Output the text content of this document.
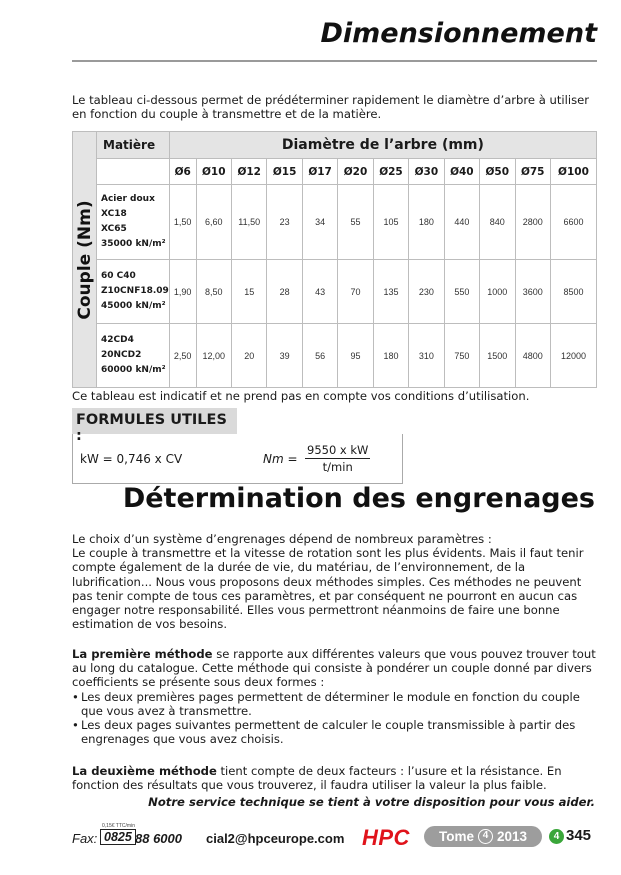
Dimensionnement
Le tableau ci-dessous permet de prédéterminer rapidement le diamètre d’arbre à utiliser en fonction du couple à transmettre et de la matière.
Couple (Nm)	Matière	Diamètre de l’arbre (mm)											
		Ø6	Ø10	Ø12	Ø15	Ø17	Ø20	Ø25	Ø30	Ø40	Ø50	Ø75	Ø100

	Acier doux
XC18
XC65
35000 kN/m²	1,50	6,60	11,50	23	34	55	105	180	440	840	2800	6600

	60 C40
Z10CNF18.09
45000 kN/m²	1,90	8,50	15	28	43	70	135	230	550	1000	3600	8500

	42CD4
20NCD2
60000 kN/m²	2,50	12,00	20	39	56	95	180	310	750	1500	4800	12000
Ce tableau est indicatif et ne prend pas en compte vos conditions d’utilisation.
FORMULES UTILES :
kW = 0,746 x CV	Nm =
9550 x kW
t/min
Détermination des engrenages
Le choix d’un système d’engrenages dépend de nombreux paramètres :
Le couple à transmettre et la vitesse de rotation sont les plus évidents. Mais il faut tenir compte également de la durée de vie, du matériau, de l’environnement, de la lubrification... Nous vous proposons deux méthodes simples. Ces méthodes ne peuvent pas tenir compte de tous ces paramètres, et par conséquent ne pourront en aucun cas engager notre responsabilité. Elles vous permettront néanmoins de faire une bonne estimation de vos besoins.
La première méthode se rapporte aux différentes valeurs que vous pouvez trouver tout au long du catalogue. Cette méthode qui consiste à pondérer un couple donné par divers coefficients se présente sous deux formes :
• Les deux premières pages permettent de déterminer le module en fonction du couple que vous avez à transmettre.
• Les deux pages suivantes permettent de calculer le couple transmissible à partir des engrenages que vous avez choisis.
La deuxième méthode tient compte de deux facteurs : l’usure et la résistance. En fonction des résultats que vous trouverez, il faudra utiliser la valeur la plus faible.
Notre service technique se tient à votre disposition pour vous aider.
Fax:
0,15€ TTC/min
0825 88 6000 cial2@hpceurope.com HPC Tome 4 2013	4 345
